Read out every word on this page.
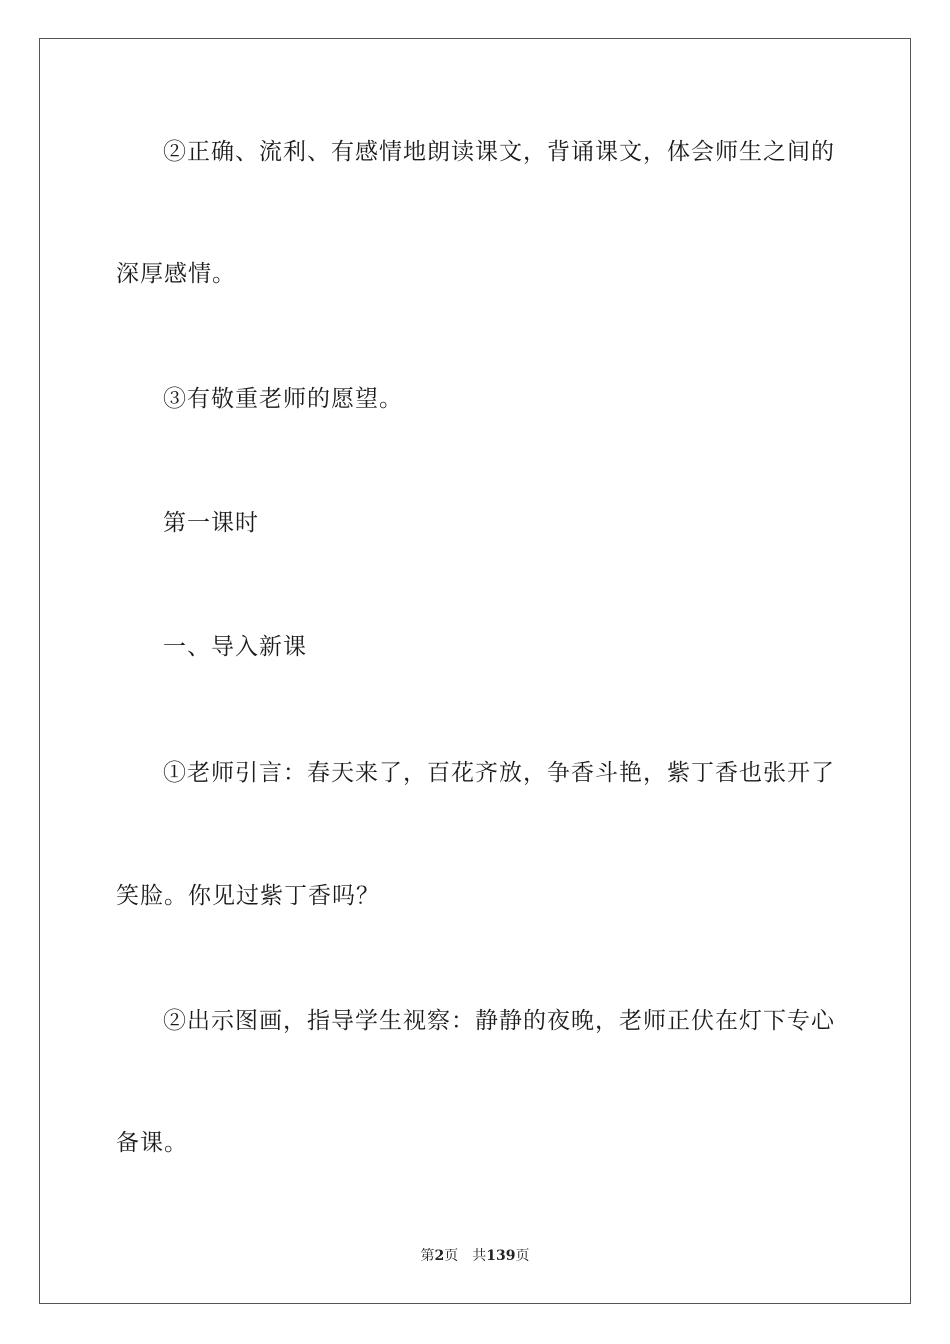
②正确、流利、有感情地朗读课文，背诵课文，体会师生之间的
深厚感情。
③有敬重老师的愿望。
第一课时
一、导入新课
①老师引言：春天来了，百花齐放，争香斗艳，紫丁香也张开了
笑脸。你见过紫丁香吗？
②出示图画，指导学生视察：静静的夜晚，老师正伏在灯下专心
备课。
第2页 共139页
